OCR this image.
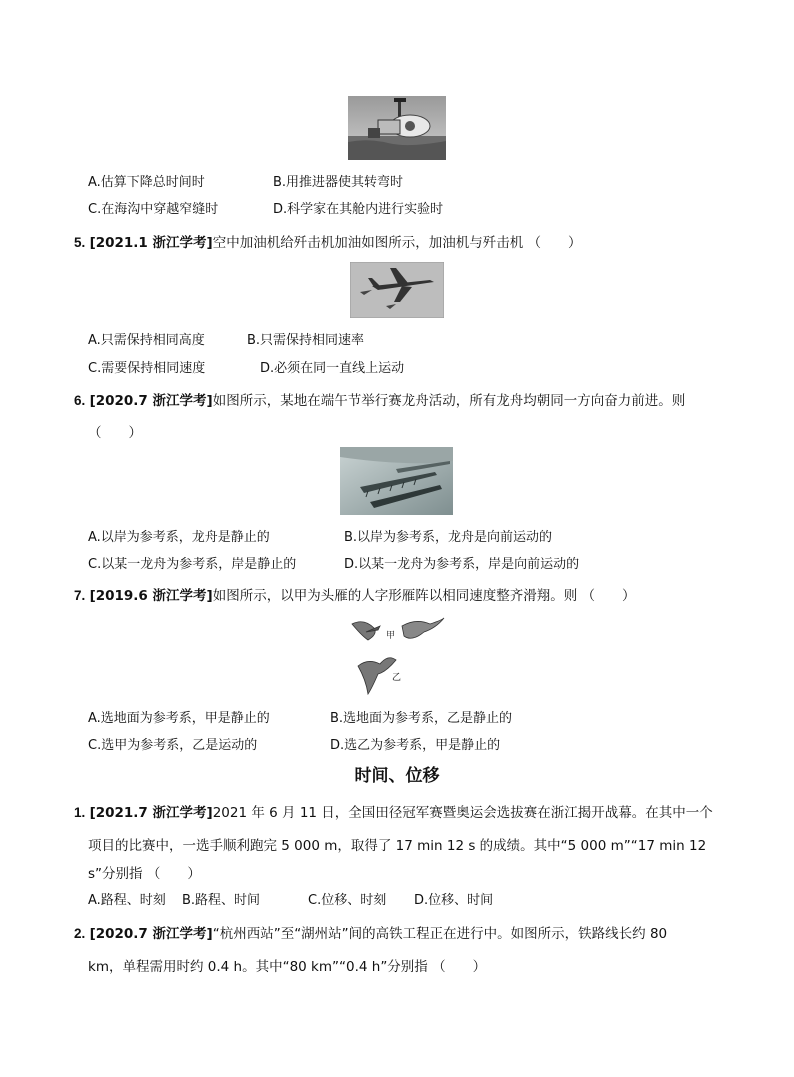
A.估算下降总时间时	B.用推进器使其转弯时
C.在海沟中穿越窄缝时	D.科学家在其舱内进行实验时
5. [2021.1 浙江学考]空中加油机给歼击机加油如图所示，加油机与歼击机 （　　）
A.只需保持相同高度	B.只需保持相同速率
C.需要保持相同速度	D.必须在同一直线上运动
6. [2020.7 浙江学考]如图所示，某地在端午节举行赛龙舟活动，所有龙舟均朝同一方向奋力前进。则
（　　）
A.以岸为参考系，龙舟是静止的	B.以岸为参考系，龙舟是向前运动的
C.以某一龙舟为参考系，岸是静止的	D.以某一龙舟为参考系，岸是向前运动的
7. [2019.6 浙江学考]如图所示，以甲为头雁的人字形雁阵以相同速度整齐滑翔。则 （　　）
甲
乙
A.选地面为参考系，甲是静止的	B.选地面为参考系，乙是静止的
C.选甲为参考系，乙是运动的	D.选乙为参考系，甲是静止的
时间、位移
1. [2021.7 浙江学考]2021 年 6 月 11 日，全国田径冠军赛暨奥运会选拔赛在浙江揭开战幕。在其中一个
项目的比赛中，一选手顺利跑完 5 000 m，取得了 17 min 12 s 的成绩。其中“5 000 m”“17 min 12
s”分别指 （　　）
A.路程、时刻 B.路程、时间	C.位移、时刻 D.位移、时间
2. [2020.7 浙江学考]“杭州西站”至“湖州站”间的高铁工程正在进行中。如图所示，铁路线长约 80
km，单程需用时约 0.4 h。其中“80 km”“0.4 h”分别指 （　　）
